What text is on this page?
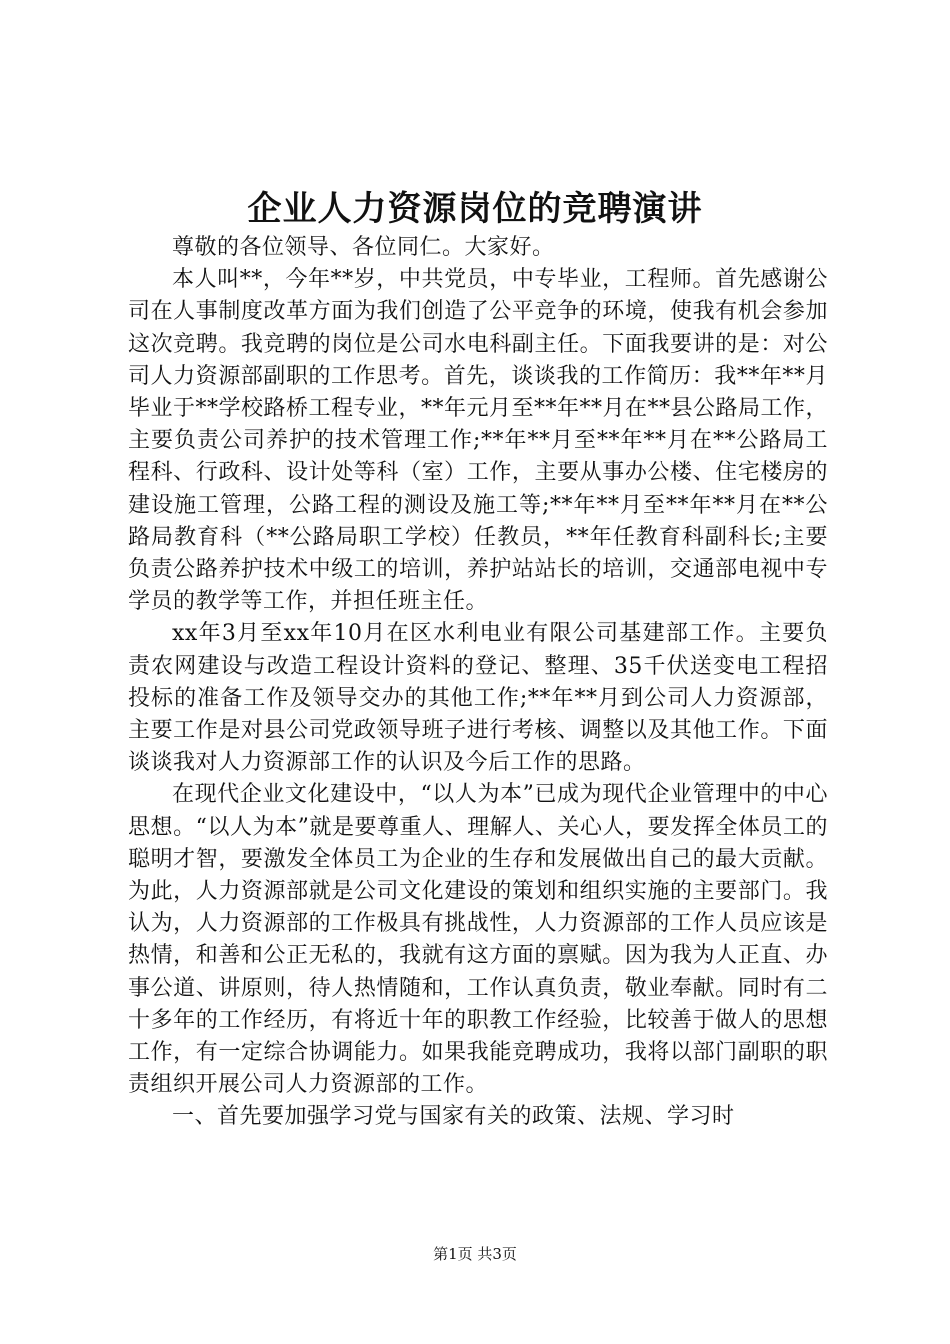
企业人力资源岗位的竞聘演讲

尊敬的各位领导、各位同仁。大家好。

本人叫**，今年**岁，中共党员，中专毕业，工程师。首先感谢公司在人事制度改革方面为我们创造了公平竞争的环境，使我有机会参加这次竞聘。我竞聘的岗位是公司水电科副主任。下面我要讲的是：对公司人力资源部副职的工作思考。首先，谈谈我的工作简历：我**年**月毕业于**学校路桥工程专业，**年元月至**年**月在**县公路局工作，主要负责公司养护的技术管理工作;**年**月至**年**月在**公路局工程科、行政科、设计处等科（室）工作，主要从事办公楼、住宅楼房的建设施工管理，公路工程的测设及施工等;**年**月至**年**月在**公路局教育科（**公路局职工学校）任教员，**年任教育科副科长;主要负责公路养护技术中级工的培训，养护站站长的培训，交通部电视中专学员的教学等工作，并担任班主任。

xx年3月至xx年10月在区水利电业有限公司基建部工作。主要负责农网建设与改造工程设计资料的登记、整理、35千伏送变电工程招投标的准备工作及领导交办的其他工作;**年**月到公司人力资源部，主要工作是对县公司党政领导班子进行考核、调整以及其他工作。下面谈谈我对人力资源部工作的认识及今后工作的思路。

在现代企业文化建设中，“以人为本”已成为现代企业管理中的中心思想。“以人为本”就是要尊重人、理解人、关心人，要发挥全体员工的聪明才智，要激发全体员工为企业的生存和发展做出自己的最大贡献。为此，人力资源部就是公司文化建设的策划和组织实施的主要部门。我认为，人力资源部的工作极具有挑战性，人力资源部的工作人员应该是热情，和善和公正无私的，我就有这方面的禀赋。因为我为人正直、办事公道、讲原则，待人热情随和，工作认真负责，敬业奉献。同时有二十多年的工作经历，有将近十年的职教工作经验，比较善于做人的思想工作，有一定综合协调能力。如果我能竞聘成功，我将以部门副职的职责组织开展公司人力资源部的工作。

一、首先要加强学习党与国家有关的政策、法规、学习时

第1页 共3页
